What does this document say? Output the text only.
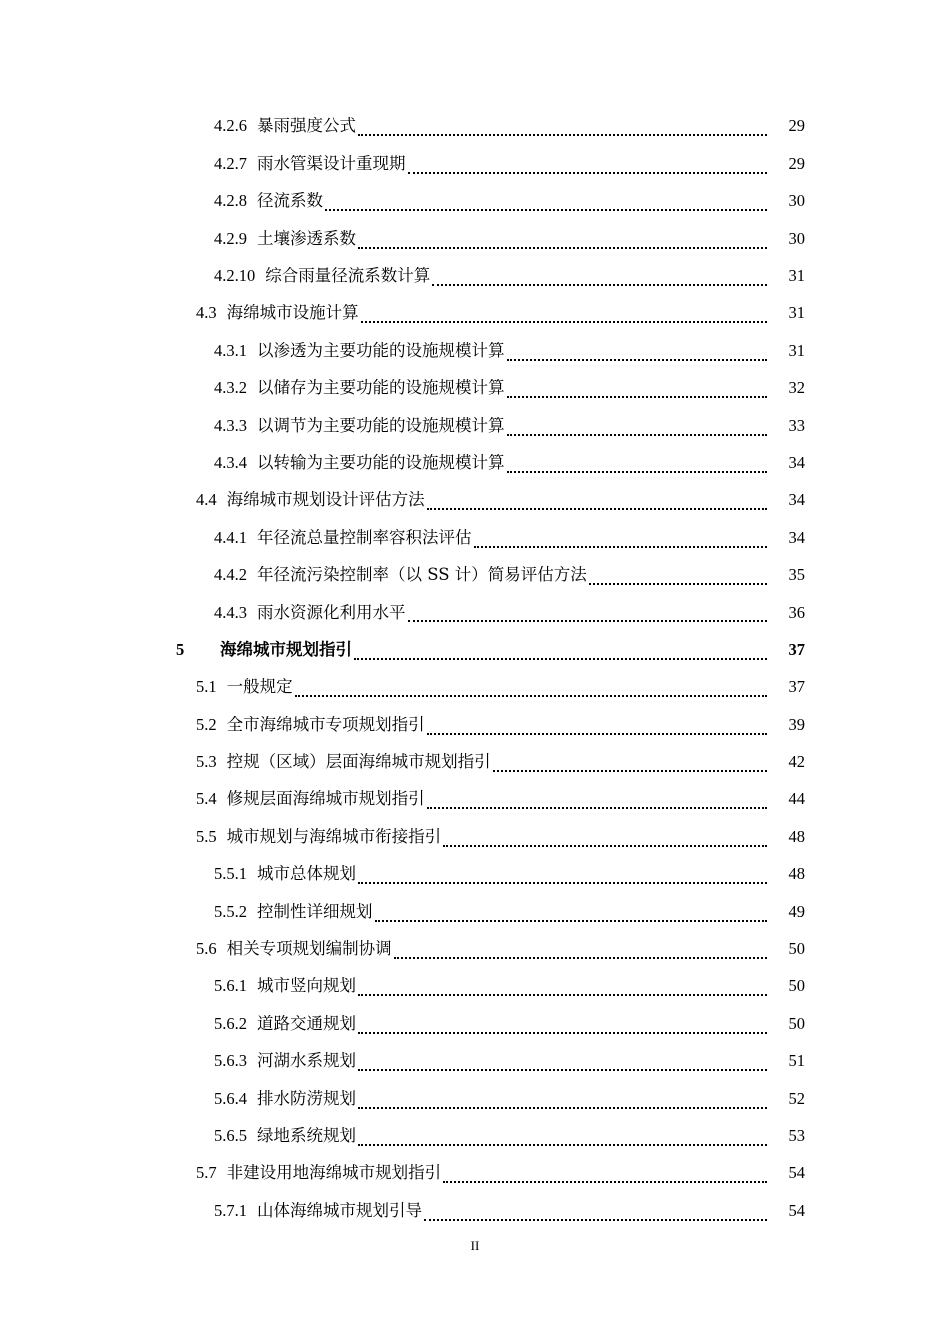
4.2.6 暴雨强度公式	29
4.2.7 雨水管渠设计重现期	29
4.2.8 径流系数	30
4.2.9 土壤渗透系数	30
4.2.10 综合雨量径流系数计算	31
4.3 海绵城市设施计算	31
4.3.1 以渗透为主要功能的设施规模计算	31
4.3.2 以储存为主要功能的设施规模计算	32
4.3.3 以调节为主要功能的设施规模计算	33
4.3.4 以转输为主要功能的设施规模计算	34
4.4 海绵城市规划设计评估方法	34
4.4.1 年径流总量控制率容积法评估	34
4.4.2 年径流污染控制率（以 SS 计）简易评估方法	35
4.4.3 雨水资源化利用水平	36
5 海绵城市规划指引	37
5.1 一般规定	37
5.2 全市海绵城市专项规划指引	39
5.3 控规（区域）层面海绵城市规划指引	42
5.4 修规层面海绵城市规划指引	44
5.5 城市规划与海绵城市衔接指引	48
5.5.1 城市总体规划	48
5.5.2 控制性详细规划	49
5.6 相关专项规划编制协调	50
5.6.1 城市竖向规划	50
5.6.2 道路交通规划	50
5.6.3 河湖水系规划	51
5.6.4 排水防涝规划	52
5.6.5 绿地系统规划	53
5.7 非建设用地海绵城市规划指引	54
5.7.1 山体海绵城市规划引导	54
II
